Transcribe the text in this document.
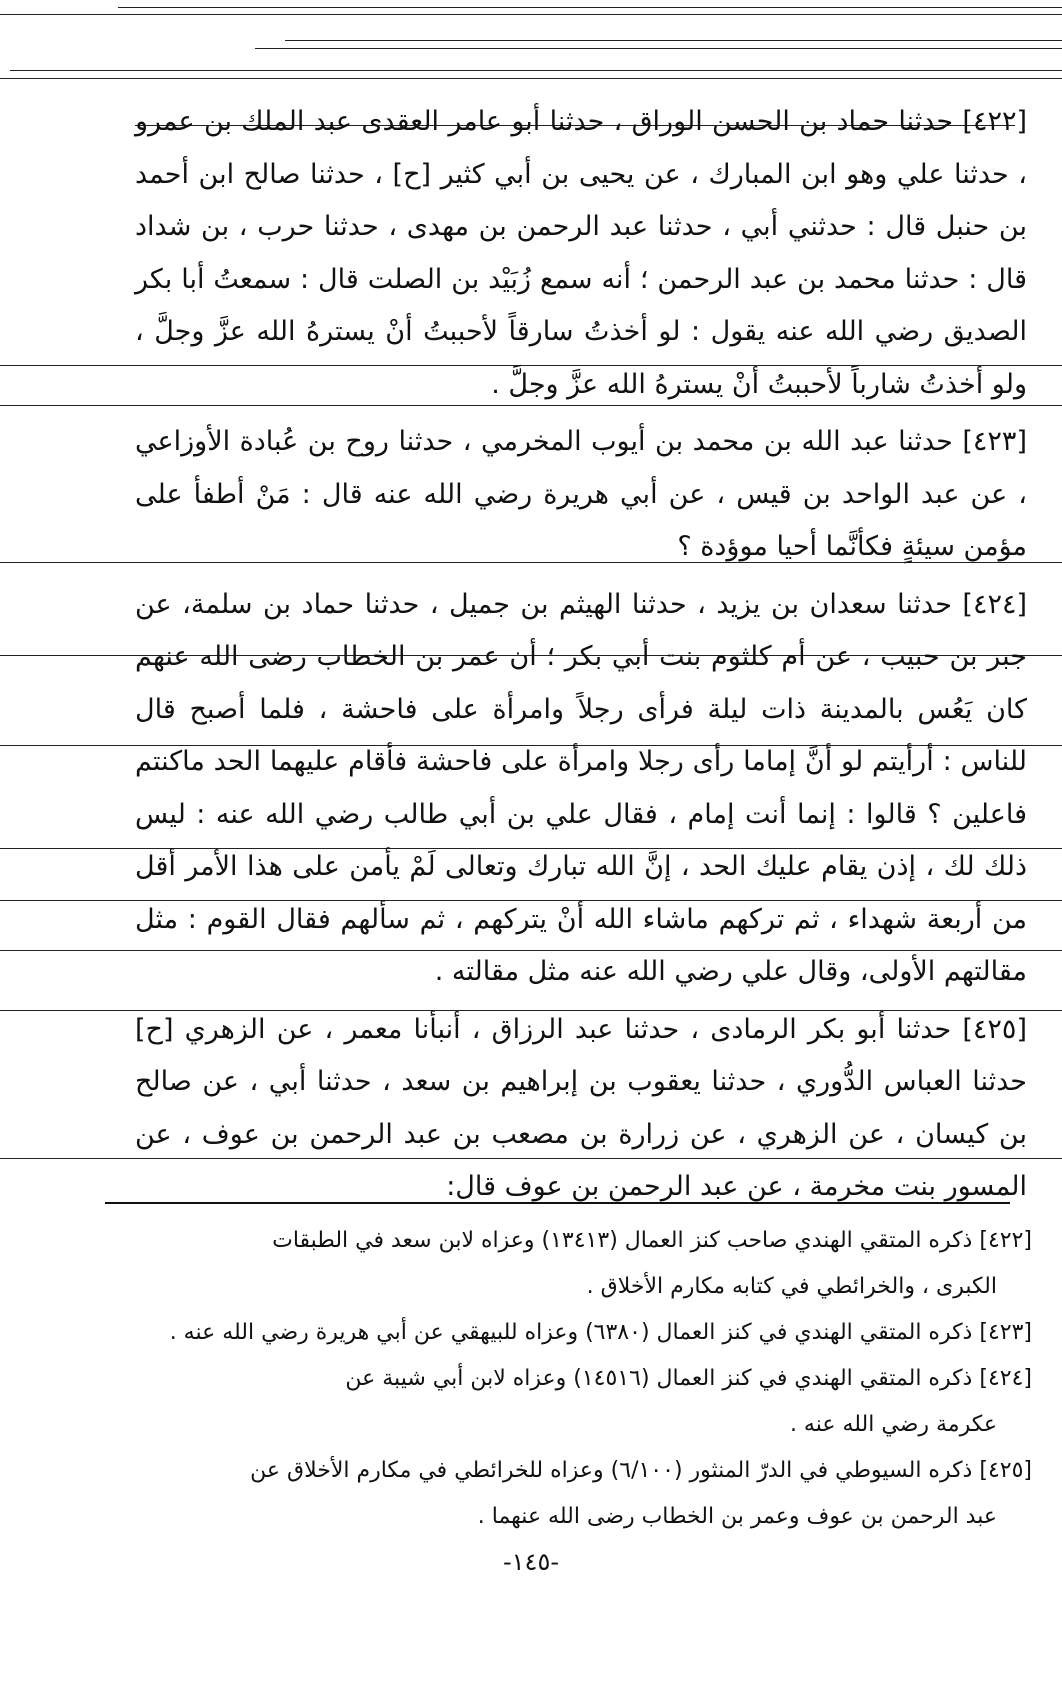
[٤٢٢] حدثنا حماد بن الحسن الوراق ، حدثنا أبو عامر العقدى عبد الملك بن عمرو ، حدثنا علي وهو ابن المبارك ، عن يحيى بن أبي كثير [ح] ، حدثنا صالح ابن أحمد بن حنبل قال : حدثني أبي ، حدثنا عبد الرحمن بن مهدى ، حدثنا حرب ، بن شداد قال : حدثنا محمد بن عبد الرحمن ؛ أنه سمع زُبَيْد بن الصلت قال : سمعتُ أبا بكر الصديق رضي الله عنه يقول : لو أخذتُ سارقاً لأحببتُ أنْ يسترهُ الله عزَّ وجلَّ ، ولو أخذتُ شارباً لأحببتُ أنْ يسترهُ الله عزَّ وجلَّ .

[٤٢٣] حدثنا عبد الله بن محمد بن أيوب المخرمي ، حدثنا روح بن عُبادة الأوزاعي ، عن عبد الواحد بن قيس ، عن أبي هريرة رضي الله عنه قال : مَنْ أطفأ على مؤمن سيئةٍ فكأنَّما أحيا موؤدة ؟

[٤٢٤] حدثنا سعدان بن يزيد ، حدثنا الهيثم بن جميل ، حدثنا حماد بن سلمة، عن جبر بن حبيب ، عن أم كلثوم بنت أبي بكر ؛ أن عمر بن الخطاب رضى الله عنهم كان يَعُس بالمدينة ذات ليلة فرأى رجلاً وامرأة على فاحشة ، فلما أصبح قال للناس : أرأيتم لو أنَّ إماما رأى رجلا وامرأة على فاحشة فأقام عليهما الحد ماكنتم فاعلين ؟ قالوا : إنما أنت إمام ، فقال علي بن أبي طالب رضي الله عنه : ليس ذلك لك ، إذن يقام عليك الحد ، إنَّ الله تبارك وتعالى لَمْ يأمن على هذا الأمر أقل من أربعة شهداء ، ثم تركهم ماشاء الله أنْ يتركهم ، ثم سألهم فقال القوم : مثل مقالتهم الأولى، وقال علي رضي الله عنه مثل مقالته .

[٤٢٥] حدثنا أبو بكر الرمادى ، حدثنا عبد الرزاق ، أنبأنا معمر ، عن الزهري [ح] حدثنا العباس الدُّوري ، حدثنا يعقوب بن إبراهيم بن سعد ، حدثنا أبي ، عن صالح بن كيسان ، عن الزهري ، عن زرارة بن مصعب بن عبد الرحمن بن عوف ، عن المسور بنت مخرمة ، عن عبد الرحمن بن عوف قال:

[٤٢٢] ذكره المتقي الهندي صاحب كنز العمال (١٣٤١٣) وعزاه لابن سعد في الطبقات
الكبرى ، والخرائطي في كتابه مكارم الأخلاق .

[٤٢٣] ذكره المتقي الهندي في كنز العمال (٦٣٨٠) وعزاه للبيهقي عن أبي هريرة رضي الله عنه .

[٤٢٤] ذكره المتقي الهندي في كنز العمال (١٤٥١٦) وعزاه لابن أبي شيبة عن
عكرمة رضي الله عنه .

[٤٢٥] ذكره السيوطي في الدرّ المنثور (٦/١٠٠) وعزاه للخرائطي في مكارم الأخلاق عن
عبد الرحمن بن عوف وعمر بن الخطاب رضى الله عنهما .

-١٤٥-
